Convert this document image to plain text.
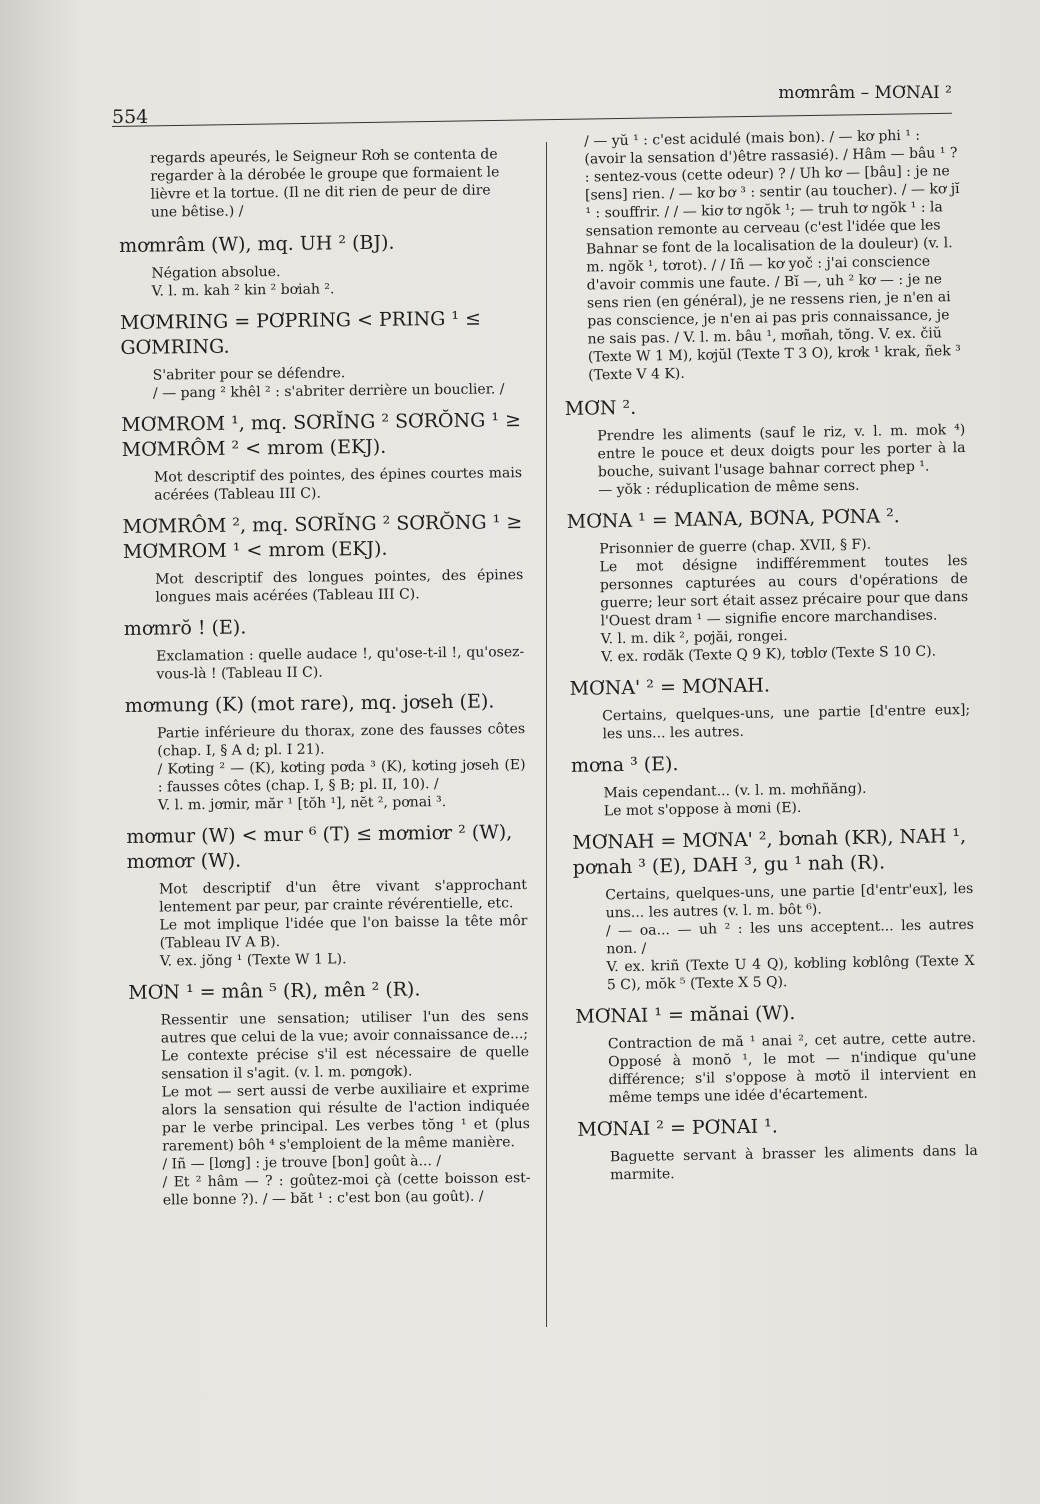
554
mơmrâm – MƠNAI ²

regards apeurés, le Seigneur Rơh se contenta de regarder à la dérobée le groupe que formaient le lièvre et la tortue. (Il ne dit rien de peur de dire une bêtise.) /

mơmrâm (W), mq. UH ² (BJ).

Négation absolue.

V. l. m. kah ² kin ² bơiah ².

MƠMRING = PƠPRING < PRING ¹ ≤ GƠMRING.

S'abriter pour se défendre.

/ — pang ² khêl ² : s'abriter derrière un bouclier. /

MƠMROM ¹, mq. SƠRĬNG ² SƠRŎNG ¹ ≥ MƠMRÔM ² < mrom (EKJ).

Mot descriptif des pointes, des épines courtes mais acérées (Tableau III C).

MƠMRÔM ², mq. SƠRĬNG ² SƠRŎNG ¹ ≥ MƠMROM ¹ < mrom (EKJ).

Mot descriptif des longues pointes, des épines longues mais acérées (Tableau III C).

mơmrŏ ! (E).

Exclamation : quelle audace !, qu'ose-t-il !, qu'osez-vous-là ! (Tableau II C).

mơmung (K) (mot rare), mq. jơseh (E).

Partie inférieure du thorax, zone des fausses côtes (chap. I, § A d; pl. I 21).

/ Kơting ² — (K), kơting pơda ³ (K), kơting jơseh (E) : fausses côtes (chap. I, § B; pl. II, 10). /

V. l. m. jơmir, măr ¹ [tŏh ¹], nĕt ², pơnai ³.

mơmur (W) < mur ⁶ (T) ≤ mơmiơr ² (W), mơmơr (W).

Mot descriptif d'un être vivant s'approchant lentement par peur, par crainte révérentielle, etc.

Le mot implique l'idée que l'on baisse la tête môr (Tableau IV A B).

V. ex. jŏng ¹ (Texte W 1 L).

MƠN ¹ = mân ⁵ (R), mên ² (R).

Ressentir une sensation; utiliser l'un des sens autres que celui de la vue; avoir connaissance de...;

Le contexte précise s'il est nécessaire de quelle sensation il s'agit. (v. l. m. pơngơk).

Le mot — sert aussi de verbe auxiliaire et exprime alors la sensation qui résulte de l'action indiquée par le verbe principal. Les verbes tŏng ¹ et (plus rarement) bôh ⁴ s'emploient de la même manière.

/ Iñ — [lơng] : je trouve [bon] goût à... /

/ Et ² hâm — ? : goûtez-moi çà (cette boisson est-elle bonne ?). / — băt ¹ : c'est bon (au goût). /

/ — yŭ ¹ : c'est acidulé (mais bon). / — kơ phi ¹ : (avoir la sensation d')être rassasié). / Hâm — bâu ¹ ? : sentez-vous (cette odeur) ? / Uh kơ — [bâu] : je ne [sens] rien. / — kơ bơ ³ : sentir (au toucher). / — kơ jĭ ¹ : souffrir. / / — kiơ tơ ngŏk ¹; — truh tơ ngŏk ¹ : la sensation remonte au cerveau (c'est l'idée que les Bahnar se font de la localisation de la douleur) (v. l. m. ngŏk ¹, tơrot). / / Iñ — kơ yoč : j'ai conscience d'avoir commis une faute. / Bĭ —, uh ² kơ — : je ne sens rien (en général), je ne ressens rien, je n'en ai pas conscience, je n'en ai pas pris connaissance, je ne sais pas. / V. l. m. bâu ¹, mơñah, tŏng. V. ex. čiŭ (Texte W 1 M), kơjŭl (Texte T 3 O), krơk ¹ krak, ñek ³ (Texte V 4 K).

MƠN ².

Prendre les aliments (sauf le riz, v. l. m. mok ⁴) entre le pouce et deux doigts pour les porter à la bouche, suivant l'usage bahnar correct phep ¹.

— yŏk : réduplication de même sens.

MƠNA ¹ = MANA, BƠNA, PƠNA ².

Prisonnier de guerre (chap. XVII, § F).

Le mot désigne indifféremment toutes les personnes capturées au cours d'opérations de guerre; leur sort était assez précaire pour que dans l'Ouest dram ¹ — signifie encore marchandises.

V. l. m. dik ², pơjăi, rongei.

V. ex. rơdăk (Texte Q 9 K), tơblơ (Texte S 10 C).

MƠNA' ² = MƠNAH.

Certains, quelques-uns, une partie [d'entre eux]; les uns... les autres.

mơna ³ (E).

Mais cependant... (v. l. m. mơhñăng).

Le mot s'oppose à mơni (E).

MƠNAH = MƠNA' ², bơnah (KR), NAH ¹, pơnah ³ (E), DAH ³, gu ¹ nah (R).

Certains, quelques-uns, une partie [d'entr'eux], les uns... les autres (v. l. m. bôt ⁶).

/ — oa... — uh ² : les uns acceptent... les autres non. /

V. ex. kriñ (Texte U 4 Q), kơbling kơblông (Texte X 5 C), mŏk ⁵ (Texte X 5 Q).

MƠNAI ¹ = mănai (W).

Contraction de mă ¹ anai ², cet autre, cette autre. Opposé à monŏ ¹, le mot — n'indique qu'une différence; s'il s'oppose à mơtŏ il intervient en même temps une idée d'écartement.

MƠNAI ² = PƠNAI ¹.

Baguette servant à brasser les aliments dans la marmite.
